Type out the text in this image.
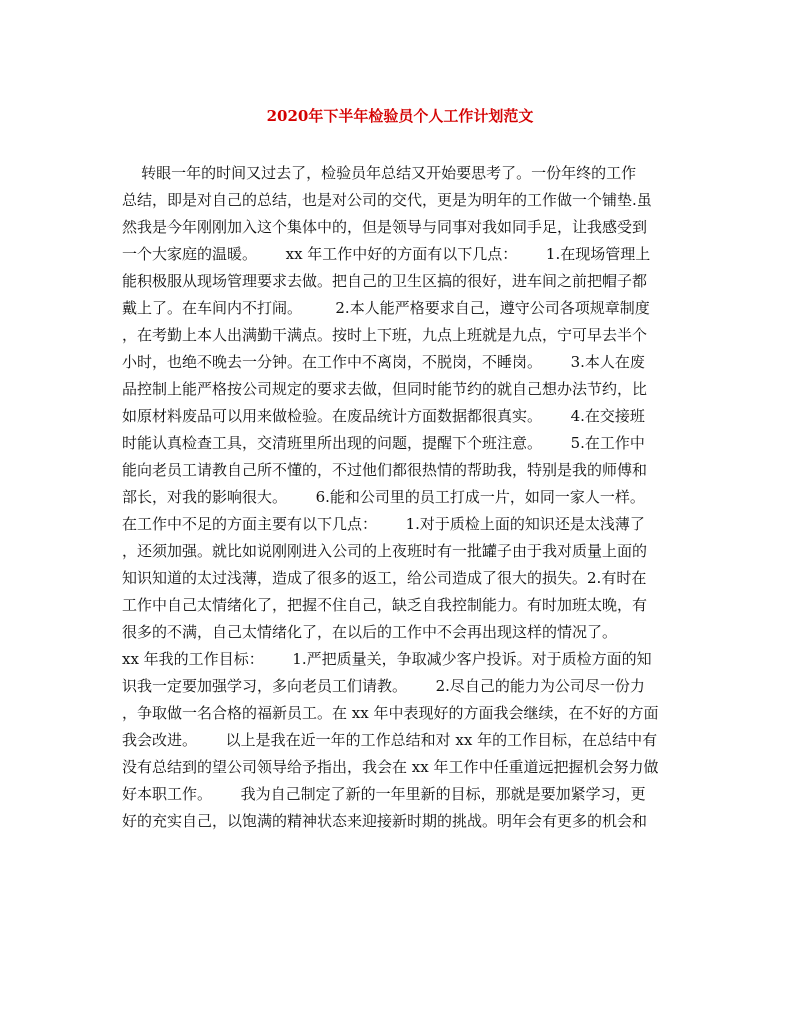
2020年下半年检验员个人工作计划范文
转眼一年的时间又过去了，检验员年总结又开始要思考了。一份年终的工作
总结，即是对自己的总结，也是对公司的交代，更是为明年的工作做一个铺垫.虽
然我是今年刚刚加入这个集体中的，但是领导与同事对我如同手足，让我感受到
一个大家庭的温暖。      xx 年工作中好的方面有以下几点：      1.在现场管理上
能积极服从现场管理要求去做。把自己的卫生区搞的很好，进车间之前把帽子都
戴上了。在车间内不打闹。       2.本人能严格要求自己，遵守公司各项规章制度
，在考勤上本人出满勤干满点。按时上下班，九点上班就是九点，宁可早去半个
小时，也绝不晚去一分钟。在工作中不离岗，不脱岗，不睡岗。      3.本人在废
品控制上能严格按公司规定的要求去做，但同时能节约的就自己想办法节约，比
如原材料废品可以用来做检验。在废品统计方面数据都很真实。      4.在交接班
时能认真检查工具，交清班里所出现的问题，提醒下个班注意。      5.在工作中
能向老员工请教自己所不懂的，不过他们都很热情的帮助我，特别是我的师傅和
部长，对我的影响很大。      6.能和公司里的员工打成一片，如同一家人一样。
在工作中不足的方面主要有以下几点：      1.对于质检上面的知识还是太浅薄了
，还须加强。就比如说刚刚进入公司的上夜班时有一批罐子由于我对质量上面的
知识知道的太过浅薄，造成了很多的返工，给公司造成了很大的损失。2.有时在
工作中自己太情绪化了，把握不住自己，缺乏自我控制能力。有时加班太晚，有
很多的不满，自己太情绪化了，在以后的工作中不会再出现这样的情况了。
xx 年我的工作目标：      1.严把质量关，争取减少客户投诉。对于质检方面的知
识我一定要加强学习，多向老员工们请教。      2.尽自己的能力为公司尽一份力
，争取做一名合格的福新员工。在 xx 年中表现好的方面我会继续，在不好的方面
我会改进。      以上是我在近一年的工作总结和对 xx 年的工作目标，在总结中有
没有总结到的望公司领导给予指出，我会在 xx 年工作中任重道远把握机会努力做
好本职工作。      我为自己制定了新的一年里新的目标，那就是要加紧学习，更
好的充实自己，以饱满的精神状态来迎接新时期的挑战。明年会有更多的机会和
